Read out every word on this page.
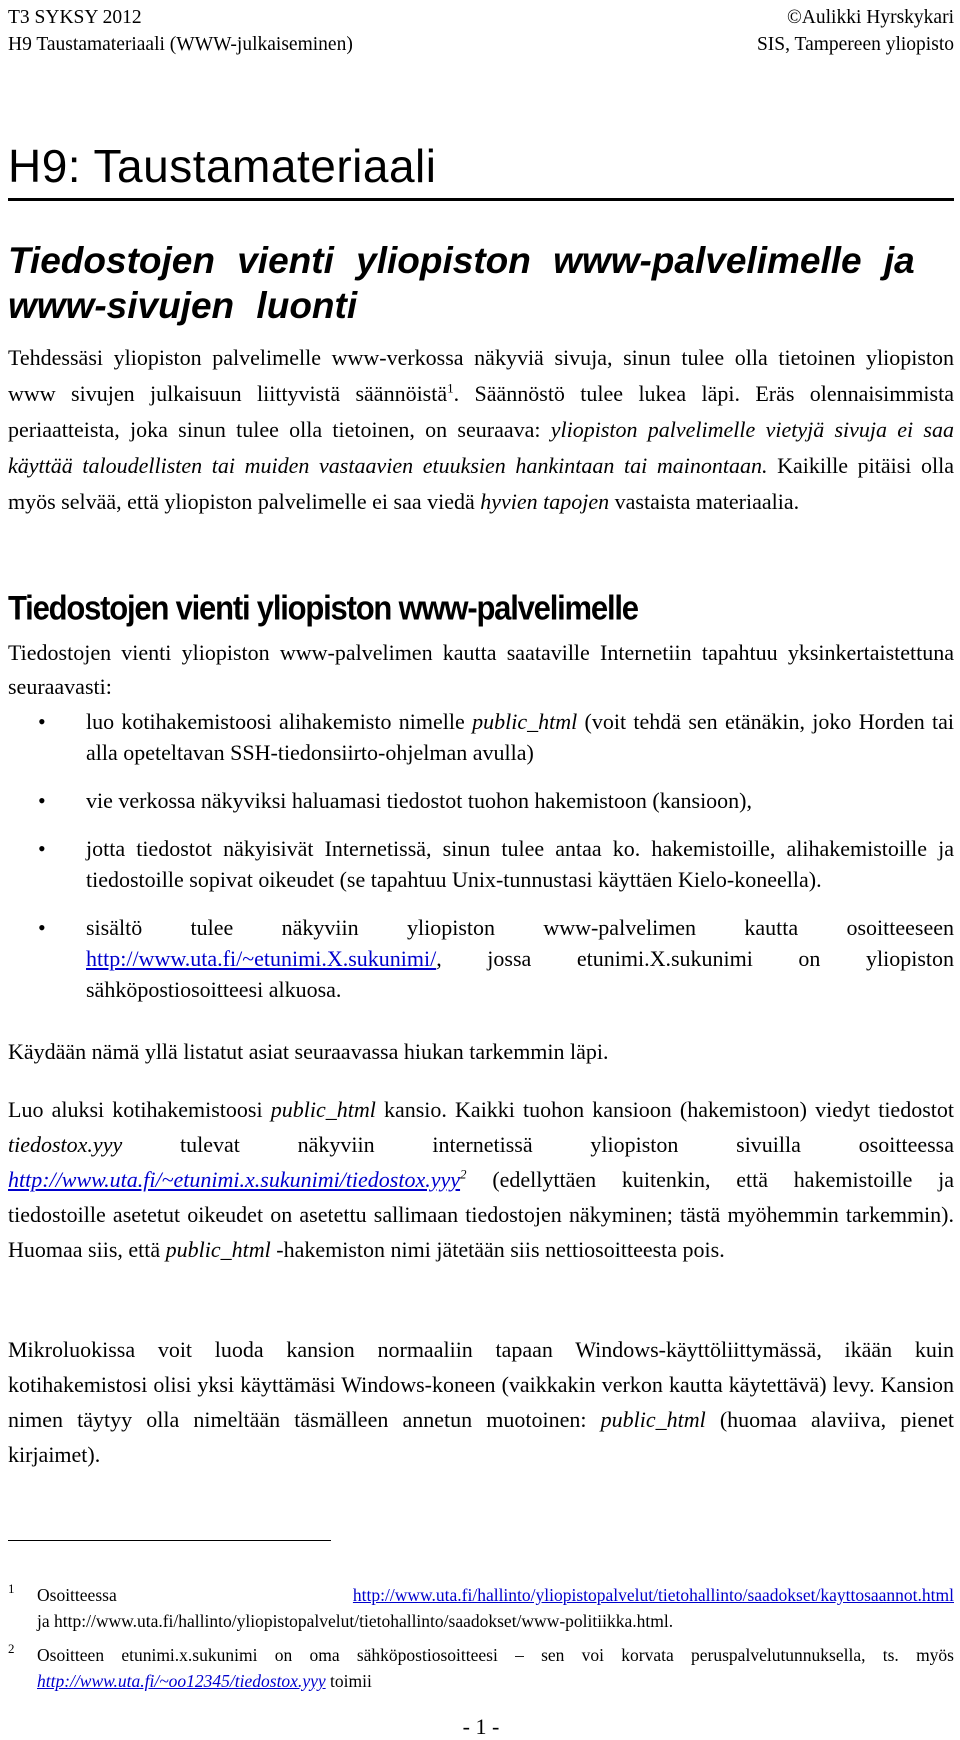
T3 SYKSY 2012
H9 Taustamateriaali (WWW-julkaiseminen)
©Aulikki Hyrskykari
SIS, Tampereen yliopisto
H9: Taustamateriaali
Tiedostojen vienti yliopiston www-palvelimelle ja www-sivujen luonti

Tehdessäsi yliopiston palvelimelle www-verkossa näkyviä sivuja, sinun tulee olla tietoinen yliopiston www sivujen julkaisuun liittyvistä säännöistä$^1$. Säännöstö tulee lukea läpi. Eräs olennaisimmista periaatteista, joka sinun tulee olla tietoinen, on seuraava: yliopiston palvelimelle vietyjä sivuja ei saa käyttää taloudellisten tai muiden vastaavien etuuksien hankintaan tai mainontaan. Kaikille pitäisi olla myös selvää, että yliopiston palvelimelle ei saa viedä hyvien tapojen vastaista materiaalia.

Tiedostojen vienti yliopiston www-palvelimelle

Tiedostojen vienti yliopiston www-palvelimen kautta saataville Internetiin tapahtuu yksinkertaistettuna seuraavasti:

• luo kotihakemistoosi alihakemisto nimelle public_html (voit tehdä sen etänäkin, joko Horden tai alla opeteltavan SSH-tiedonsiirto-ohjelman avulla)
• vie verkossa näkyviksi haluamasi tiedostot tuohon hakemistoon (kansioon),
• jotta tiedostot näkyisivät Internetissä, sinun tulee antaa ko. hakemistoille, alihakemistoille ja tiedostoille sopivat oikeudet (se tapahtuu Unix-tunnustasi käyttäen Kielo-koneella).
• sisältö tulee näkyviin yliopiston www-palvelimen kautta osoitteeseen http://www.uta.fi/~etunimi.X.sukunimi/, jossa etunimi.X.sukunimi on yliopiston sähköpostiosoitteesi alkuosa.

Käydään nämä yllä listatut asiat seuraavassa hiukan tarkemmin läpi.

Luo aluksi kotihakemistoosi public_html kansio. Kaikki tuohon kansioon (hakemistoon) viedyt tiedostot tiedostox.yyy tulevat näkyviin internetissä yliopiston sivuilla osoitteessa http://www.uta.fi/~etunimi.x.sukunimi/tiedostox.yyy$^2$ (edellyttäen kuitenkin, että hakemistoille ja tiedostoille asetetut oikeudet on asetettu sallimaan tiedostojen näkyminen; tästä myöhemmin tarkemmin). Huomaa siis, että public_html -hakemiston nimi jätetään siis nettiosoitteesta pois.

Mikroluokissa voit luoda kansion normaaliin tapaan Windows-käyttöliittymässä, ikään kuin kotihakemistosi olisi yksi käyttämäsi Windows-koneen (vaikkakin verkon kautta käytettävä) levy. Kansion nimen täytyy olla nimeltään täsmälleen annetun muotoinen: public_html (huomaa alaviiva, pienet kirjaimet).

1 Osoitteessa http://www.uta.fi/hallinto/yliopistopalvelut/tietohallinto/saadokset/kayttosaannot.html
ja http://www.uta.fi/hallinto/yliopistopalvelut/tietohallinto/saadokset/www-politiikka.html.
2 Osoitteen etunimi.x.sukunimi on oma sähköpostiosoitteesi – sen voi korvata peruspalvelutunnuksella, ts. myös http://www.uta.fi/~oo12345/tiedostox.yyy toimii
- 1 -
